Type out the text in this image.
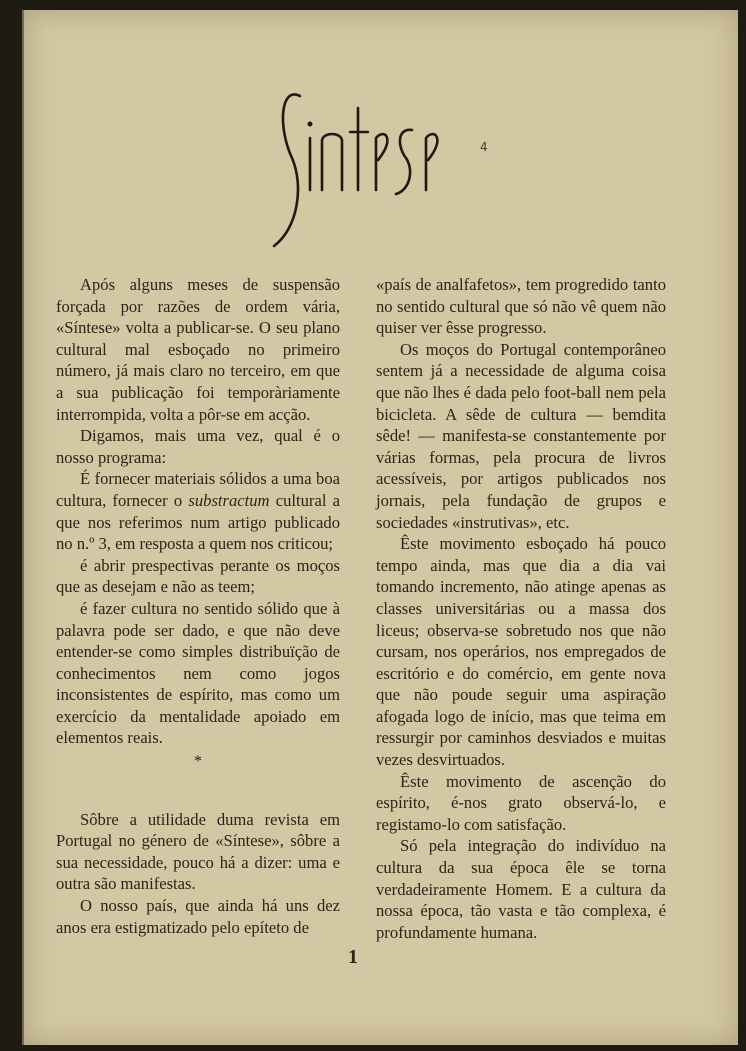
4

Após alguns meses de suspensão forçada por razões de ordem vária, «Síntese» volta a publicar-se. O seu plano cultural mal esboçado no primeiro número, já mais claro no terceiro, em que a sua publicação foi temporàriamente interrompida, volta a pôr-se em acção.

Digamos, mais uma vez, qual é o nosso programa:

É fornecer materiais sólidos a uma boa cultura, fornecer o substractum cultural a que nos referimos num artigo publicado no n.º 3, em resposta a quem nos criticou;

é abrir prespectivas perante os moços que as desejam e não as teem;

é fazer cultura no sentido sólido que à palavra pode ser dado, e que não deve entender-se como simples distribuïção de conhecimentos nem como jogos inconsistentes de espírito, mas como um exercício da mentalidade apoiado em elementos reais.

*

Sôbre a utilidade duma revista em Portugal no género de «Síntese», sôbre a sua necessidade, pouco há a dizer: uma e outra são manifestas.

O nosso país, que ainda há uns dez anos era estigmatizado pelo epíteto de

«país de analfafetos», tem progredido tanto no sentido cultural que só não vê quem não quiser ver êsse progresso.

Os moços do Portugal contemporâneo sentem já a necessidade de alguma coisa que não lhes é dada pelo foot-ball nem pela bicicleta. A sêde de cultura — bemdita sêde! — manifesta-se constantemente por várias formas, pela procura de livros acessíveis, por artigos publicados nos jornais, pela fundação de grupos e sociedades «instrutivas», etc.

Êste movimento esboçado há pouco tempo ainda, mas que dia a dia vai tomando incremento, não atinge apenas as classes universitárias ou a massa dos liceus; observa-se sobretudo nos que não cursam, nos operários, nos empregados de escritório e do comércio, em gente nova que não poude seguir uma aspiração afogada logo de início, mas que teima em ressurgir por caminhos desviados e muitas vezes desvirtuados.

Êste movimento de ascenção do espírito, é-nos grato observá-lo, e registamo-lo com satisfação.

Só pela integração do indivíduo na cultura da sua época êle se torna verdadeiramente Homem. E a cultura da nossa época, tão vasta e tão complexa, é profundamente humana.

1
